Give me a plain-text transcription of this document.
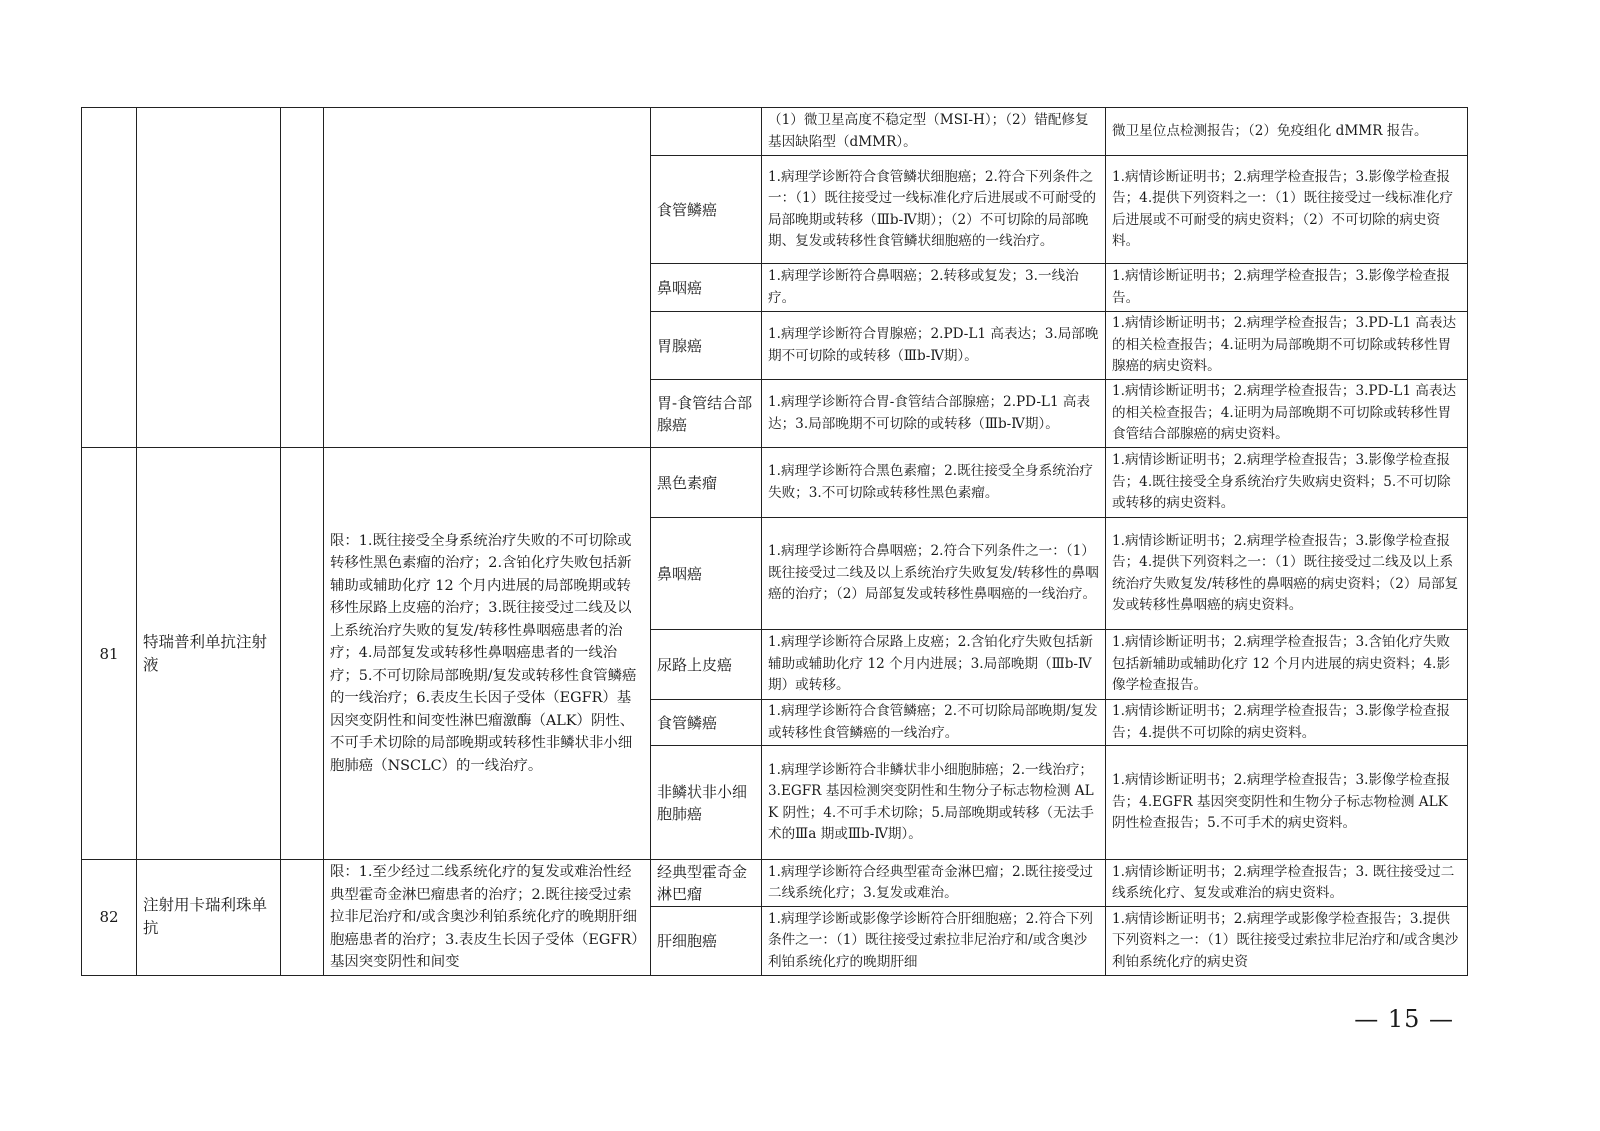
					（1）微卫星高度不稳定型（MSI-H）；（2）错配修复基因缺陷型（dMMR）。	微卫星位点检测报告；（2）免疫组化 dMMR 报告。
				食管鳞癌	1.病理学诊断符合食管鳞状细胞癌；2.符合下列条件之一：（1）既往接受过一线标准化疗后进展或不可耐受的局部晚期或转移（Ⅲb-Ⅳ期）；（2）不可切除的局部晚期、复发或转移性食管鳞状细胞癌的一线治疗。	1.病情诊断证明书；2.病理学检查报告；3.影像学检查报告；4.提供下列资料之一：（1）既往接受过一线标准化疗后进展或不可耐受的病史资料；（2）不可切除的病史资料。
				鼻咽癌	1.病理学诊断符合鼻咽癌；2.转移或复发；3.一线治疗。	1.病情诊断证明书；2.病理学检查报告；3.影像学检查报告。
				胃腺癌	1.病理学诊断符合胃腺癌；2.PD-L1 高表达；3.局部晚期不可切除的或转移（Ⅲb-Ⅳ期）。	1.病情诊断证明书；2.病理学检查报告；3.PD-L1 高表达的相关检查报告；4.证明为局部晚期不可切除或转移性胃腺癌的病史资料。
				胃-食管结合部腺癌	1.病理学诊断符合胃-食管结合部腺癌；2.PD-L1 高表达；3.局部晚期不可切除的或转移（Ⅲb-Ⅳ期）。	1.病情诊断证明书；2.病理学检查报告；3.PD-L1 高表达的相关检查报告；4.证明为局部晚期不可切除或转移性胃食管结合部腺癌的病史资料。
81	特瑞普利单抗注射液		限：1.既往接受全身系统治疗失败的不可切除或转移性黑色素瘤的治疗；2.含铂化疗失败包括新辅助或辅助化疗 12 个月内进展的局部晚期或转移性尿路上皮癌的治疗；3.既往接受过二线及以上系统治疗失败的复发/转移性鼻咽癌患者的治疗；4.局部复发或转移性鼻咽癌患者的一线治疗；5.不可切除局部晚期/复发或转移性食管鳞癌的一线治疗；6.表皮生长因子受体（EGFR）基因突变阴性和间变性淋巴瘤激酶（ALK）阴性、不可手术切除的局部晚期或转移性非鳞状非小细胞肺癌（NSCLC）的一线治疗。	黑色素瘤	1.病理学诊断符合黑色素瘤；2.既往接受全身系统治疗失败；3.不可切除或转移性黑色素瘤。	1.病情诊断证明书；2.病理学检查报告；3.影像学检查报告；4.既往接受全身系统治疗失败病史资料；5.不可切除或转移的病史资料。
				鼻咽癌	1.病理学诊断符合鼻咽癌；2.符合下列条件之一：（1）既往接受过二线及以上系统治疗失败复发/转移性的鼻咽癌的治疗；（2）局部复发或转移性鼻咽癌的一线治疗。	1.病情诊断证明书；2.病理学检查报告；3.影像学检查报告；4.提供下列资料之一：（1）既往接受过二线及以上系统治疗失败复发/转移性的鼻咽癌的病史资料；（2）局部复发或转移性鼻咽癌的病史资料。
				尿路上皮癌	1.病理学诊断符合尿路上皮癌；2.含铂化疗失败包括新辅助或辅助化疗 12 个月内进展；3.局部晚期（Ⅲb-Ⅳ期）或转移。	1.病情诊断证明书；2.病理学检查报告；3.含铂化疗失败包括新辅助或辅助化疗 12 个月内进展的病史资料；4.影像学检查报告。
				食管鳞癌	1.病理学诊断符合食管鳞癌；2.不可切除局部晚期/复发或转移性食管鳞癌的一线治疗。	1.病情诊断证明书；2.病理学检查报告；3.影像学检查报告；4.提供不可切除的病史资料。
				非鳞状非小细胞肺癌	1.病理学诊断符合非鳞状非小细胞肺癌；2.一线治疗；3.EGFR 基因检测突变阴性和生物分子标志物检测 ALK 阴性；4.不可手术切除；5.局部晚期或转移（无法手术的Ⅲa 期或Ⅲb-Ⅳ期）。	1.病情诊断证明书；2.病理学检查报告；3.影像学检查报告；4.EGFR 基因突变阴性和生物分子标志物检测 ALK 阴性检查报告；5.不可手术的病史资料。
82	注射用卡瑞利珠单抗		限：1.至少经过二线系统化疗的复发或难治性经典型霍奇金淋巴瘤患者的治疗；2.既往接受过索拉非尼治疗和/或含奥沙利铂系统化疗的晚期肝细胞癌患者的治疗；3.表皮生长因子受体（EGFR）基因突变阴性和间变	经典型霍奇金淋巴瘤	1.病理学诊断符合经典型霍奇金淋巴瘤；2.既往接受过二线系统化疗；3.复发或难治。	1.病情诊断证明书；2.病理学检查报告；3. 既往接受过二线系统化疗、复发或难治的病史资料。
				肝细胞癌	1.病理学诊断或影像学诊断符合肝细胞癌；2.符合下列条件之一：（1）既往接受过索拉非尼治疗和/或含奥沙利铂系统化疗的晚期肝细	1.病情诊断证明书；2.病理学或影像学检查报告；3.提供下列资料之一：（1）既往接受过索拉非尼治疗和/或含奥沙利铂系统化疗的病史资
— 15 —
